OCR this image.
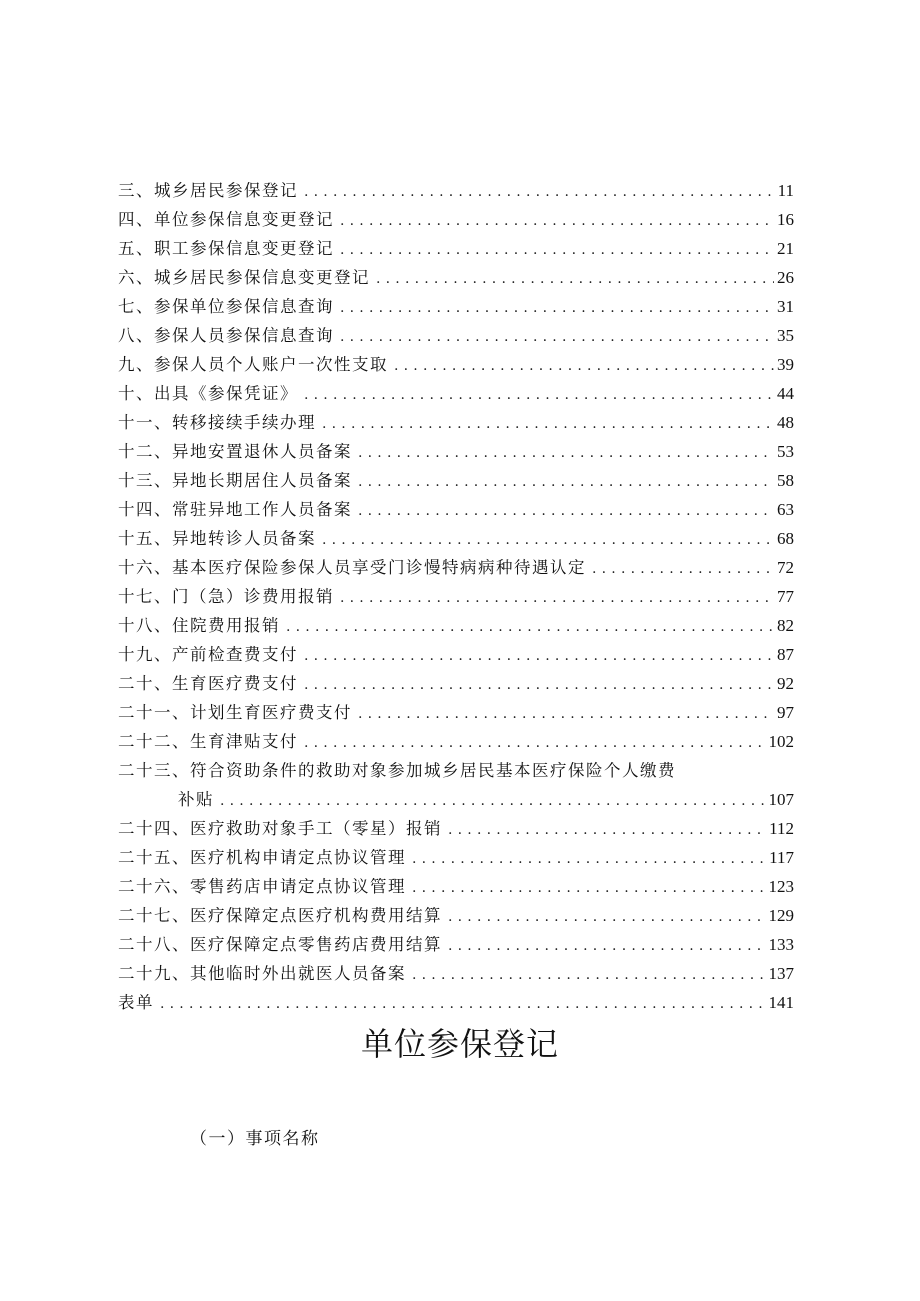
三、城乡居民参保登记 .....	11
四、单位参保信息变更登记 .....	16
五、职工参保信息变更登记 .....	21
六、城乡居民参保信息变更登记 .....	26
七、参保单位参保信息查询 .....	31
八、参保人员参保信息查询 .....	35
九、参保人员个人账户一次性支取 .....	39
十、出具《参保凭证》 .....	44
十一、转移接续手续办理 .....	48
十二、异地安置退休人员备案 .....	53
十三、异地长期居住人员备案 .....	58
十四、常驻异地工作人员备案 .....	63
十五、异地转诊人员备案 .....	68
十六、基本医疗保险参保人员享受门诊慢特病病种待遇认定 .....	72
十七、门（急）诊费用报销 .....	77
十八、住院费用报销 .....	82
十九、产前检查费支付 .....	87
二十、生育医疗费支付 .....	92
二十一、计划生育医疗费支付 .....	97
二十二、生育津贴支付 .....	102
二十三、符合资助条件的救助对象参加城乡居民基本医疗保险个人缴费
补贴 .....	107
二十四、医疗救助对象手工（零星）报销 .....	112
二十五、医疗机构申请定点协议管理 .....	117
二十六、零售药店申请定点协议管理 .....	123
二十七、医疗保障定点医疗机构费用结算 .....	129
二十八、医疗保障定点零售药店费用结算 .....	133
二十九、其他临时外出就医人员备案 .....	137
表单 .....	141
单位参保登记
（一）事项名称
